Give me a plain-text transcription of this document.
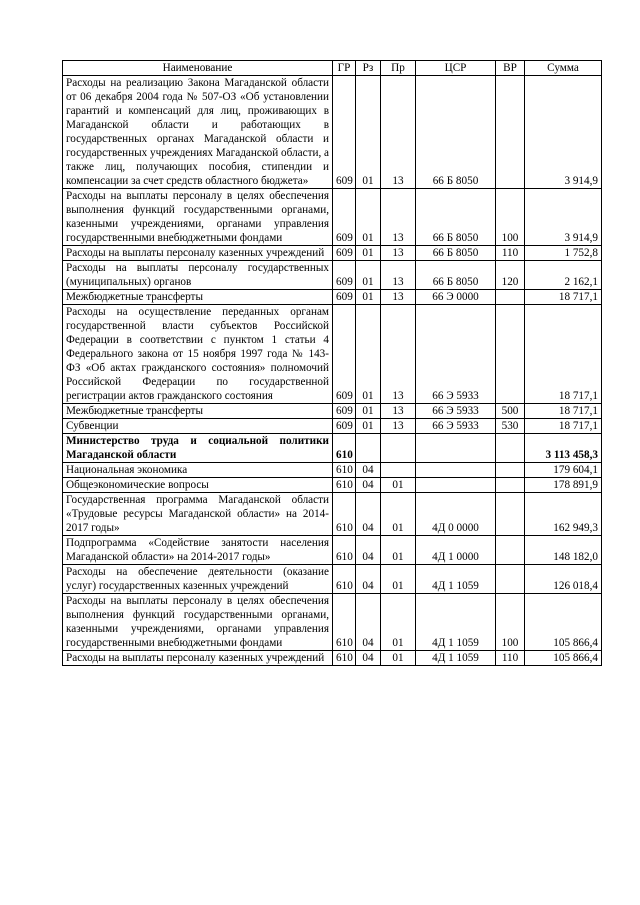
Наименование	ГР	Рз	Пр	ЦСР	ВР	Сумма
Расходы на реализацию Закона Магаданской области от 06 декабря 2004 года № 507-ОЗ «Об установлении гарантий и компенсаций для лиц, проживающих в Магаданской области и работающих в государственных органах Магаданской области и государственных учреждениях Магаданской области, а также лиц, получающих пособия, стипендии и компенсации за счет средств областного бюджета»	609	01	13	66 Б 8050		3 914,9
Расходы на выплаты персоналу в целях обеспечения выполнения функций государственными органами, казенными учреждениями, органами управления государственными внебюджетными фондами	609	01	13	66 Б 8050	100	3 914,9
Расходы на выплаты персоналу казенных учреждений	609	01	13	66 Б 8050	110	1 752,8
Расходы на выплаты персоналу государственных (муниципальных) органов	609	01	13	66 Б 8050	120	2 162,1
Межбюджетные трансферты	609	01	13	66 Э 0000		18 717,1
Расходы на осуществление переданных органам государственной власти субъектов Российской Федерации в соответствии с пунктом 1 статьи 4 Федерального закона от 15 ноября 1997 года № 143-ФЗ «Об актах гражданского состояния» полномочий Российской Федерации по государственной регистрации актов гражданского состояния	609	01	13	66 Э 5933		18 717,1
Межбюджетные трансферты	609	01	13	66 Э 5933	500	18 717,1
Субвенции	609	01	13	66 Э 5933	530	18 717,1
Министерство труда и социальной политики Магаданской области	610					3 113 458,3
Национальная экономика	610	04				179 604,1
Общеэкономические вопросы	610	04	01			178 891,9
Государственная программа Магаданской области «Трудовые ресурсы Магаданской области» на 2014-2017 годы»	610	04	01	4Д 0 0000		162 949,3
Подпрограмма «Содействие занятости населения Магаданской области» на 2014-2017 годы»	610	04	01	4Д 1 0000		148 182,0
Расходы на обеспечение деятельности (оказание услуг) государственных казенных учреждений	610	04	01	4Д 1 1059		126 018,4
Расходы на выплаты персоналу в целях обеспечения выполнения функций государственными органами, казенными учреждениями, органами управления государственными внебюджетными фондами	610	04	01	4Д 1 1059	100	105 866,4
Расходы на выплаты персоналу казенных учреждений	610	04	01	4Д 1 1059	110	105 866,4
